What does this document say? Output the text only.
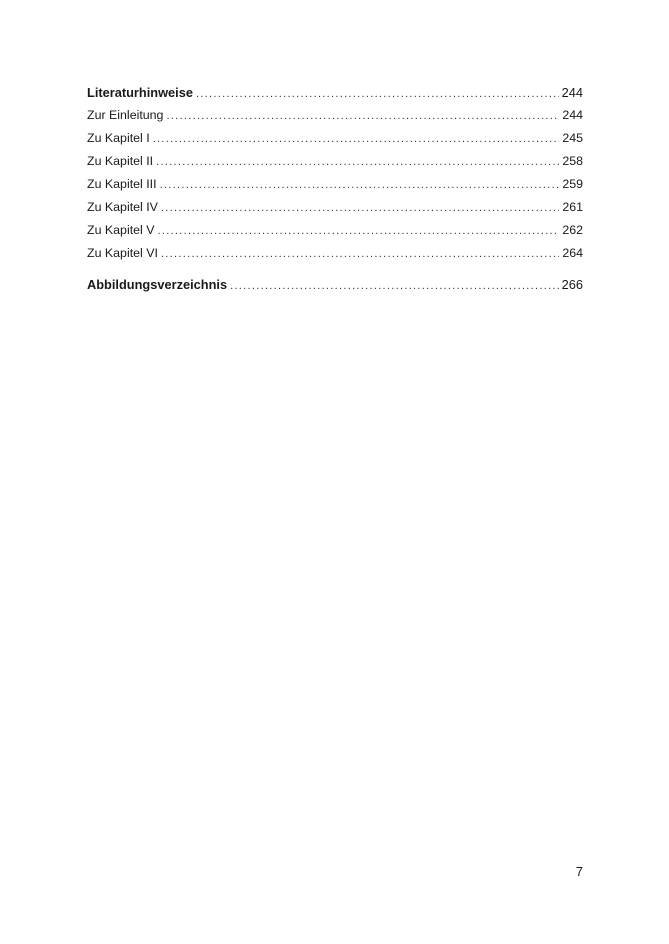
Literaturhinweise .....	244
Zur Einleitung .....	244
Zu Kapitel I .....	245
Zu Kapitel II .....	258
Zu Kapitel III .....	259
Zu Kapitel IV .....	261
Zu Kapitel V .....	262
Zu Kapitel VI .....	264
Abbildungsverzeichnis .....	266
7
